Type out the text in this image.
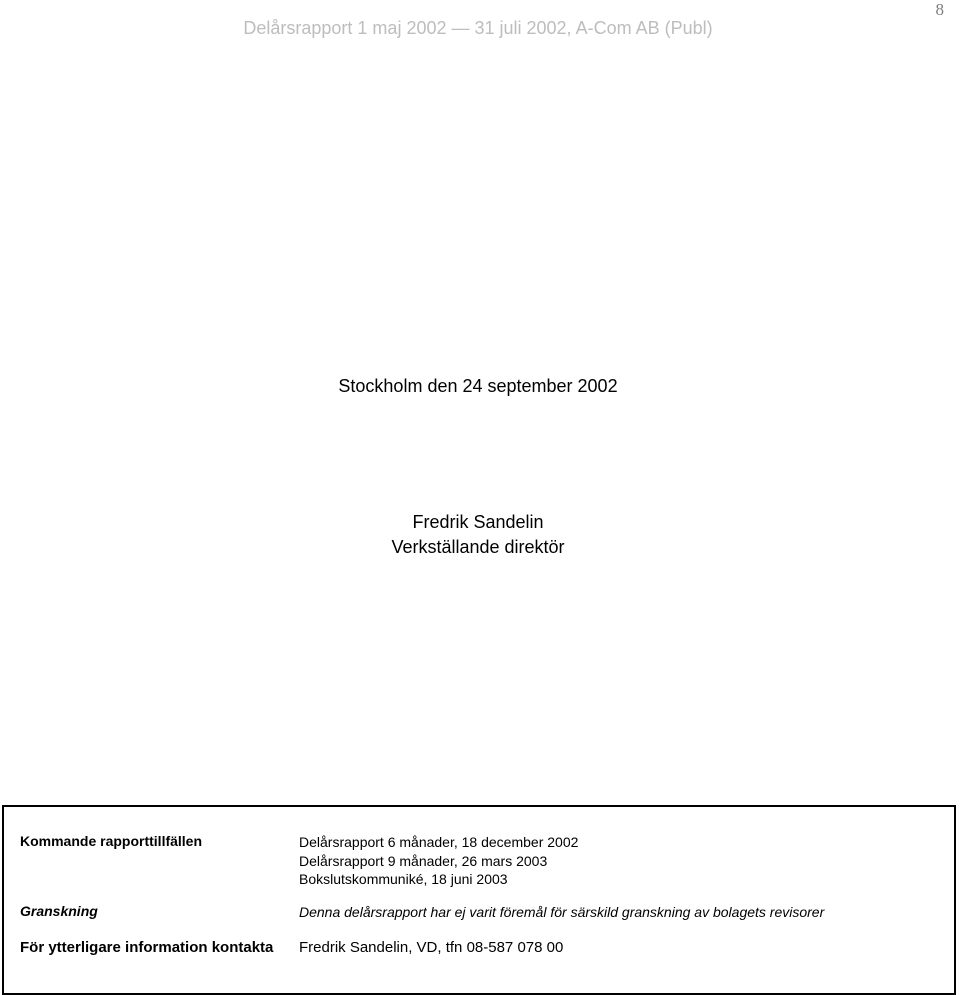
8
Delårsrapport 1 maj 2002 — 31 juli 2002, A-Com AB (Publ)
Stockholm den 24 september 2002
Fredrik Sandelin
Verkställande direktör
Kommande rapporttillfällen	Delårsrapport 6 månader, 18 december 2002
Delårsrapport 9 månader, 26 mars 2003
Bokslutskommuniké, 18 juni 2003
Granskning	Denna delårsrapport har ej varit föremål för särskild granskning av bolagets revisorer
För ytterligare information kontakta Fredrik Sandelin, VD, tfn 08-587 078 00
